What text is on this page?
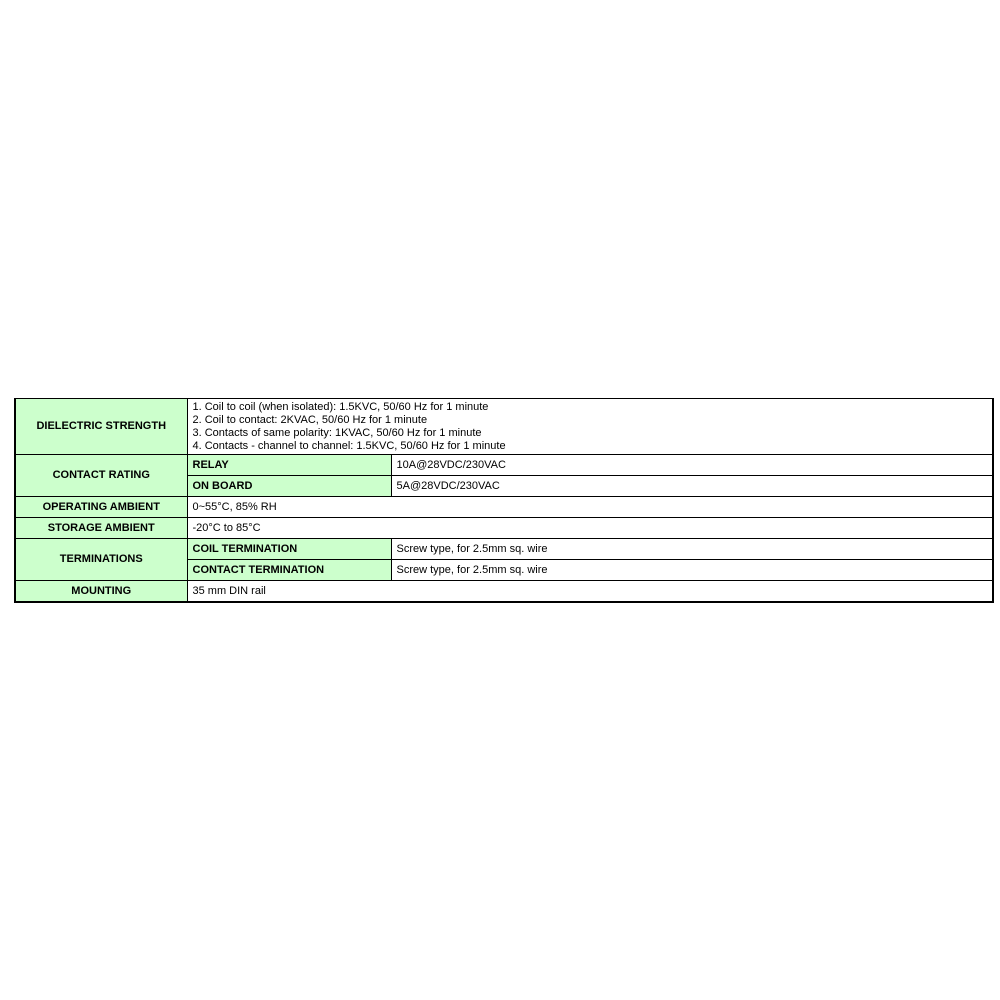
DIELECTRIC STRENGTH	1. Coil to coil (when isolated): 1.5KVC, 50/60 Hz for 1 minute
2. Coil to contact: 2KVAC, 50/60 Hz for 1 minute
3. Contacts of same polarity: 1KVAC, 50/60 Hz for 1 minute
4. Contacts - channel to channel: 1.5KVC, 50/60 Hz for 1 minute	

CONTACT RATING	RELAY	10A@28VDC/230VAC
	ON BOARD	5A@28VDC/230VAC
OPERATING AMBIENT	0~55°C, 85% RH	
STORAGE AMBIENT	-20°C to 85°C	
TERMINATIONS	COIL TERMINATION	Screw type, for 2.5mm sq. wire
	CONTACT TERMINATION	Screw type, for 2.5mm sq. wire
MOUNTING	35 mm DIN rail	
